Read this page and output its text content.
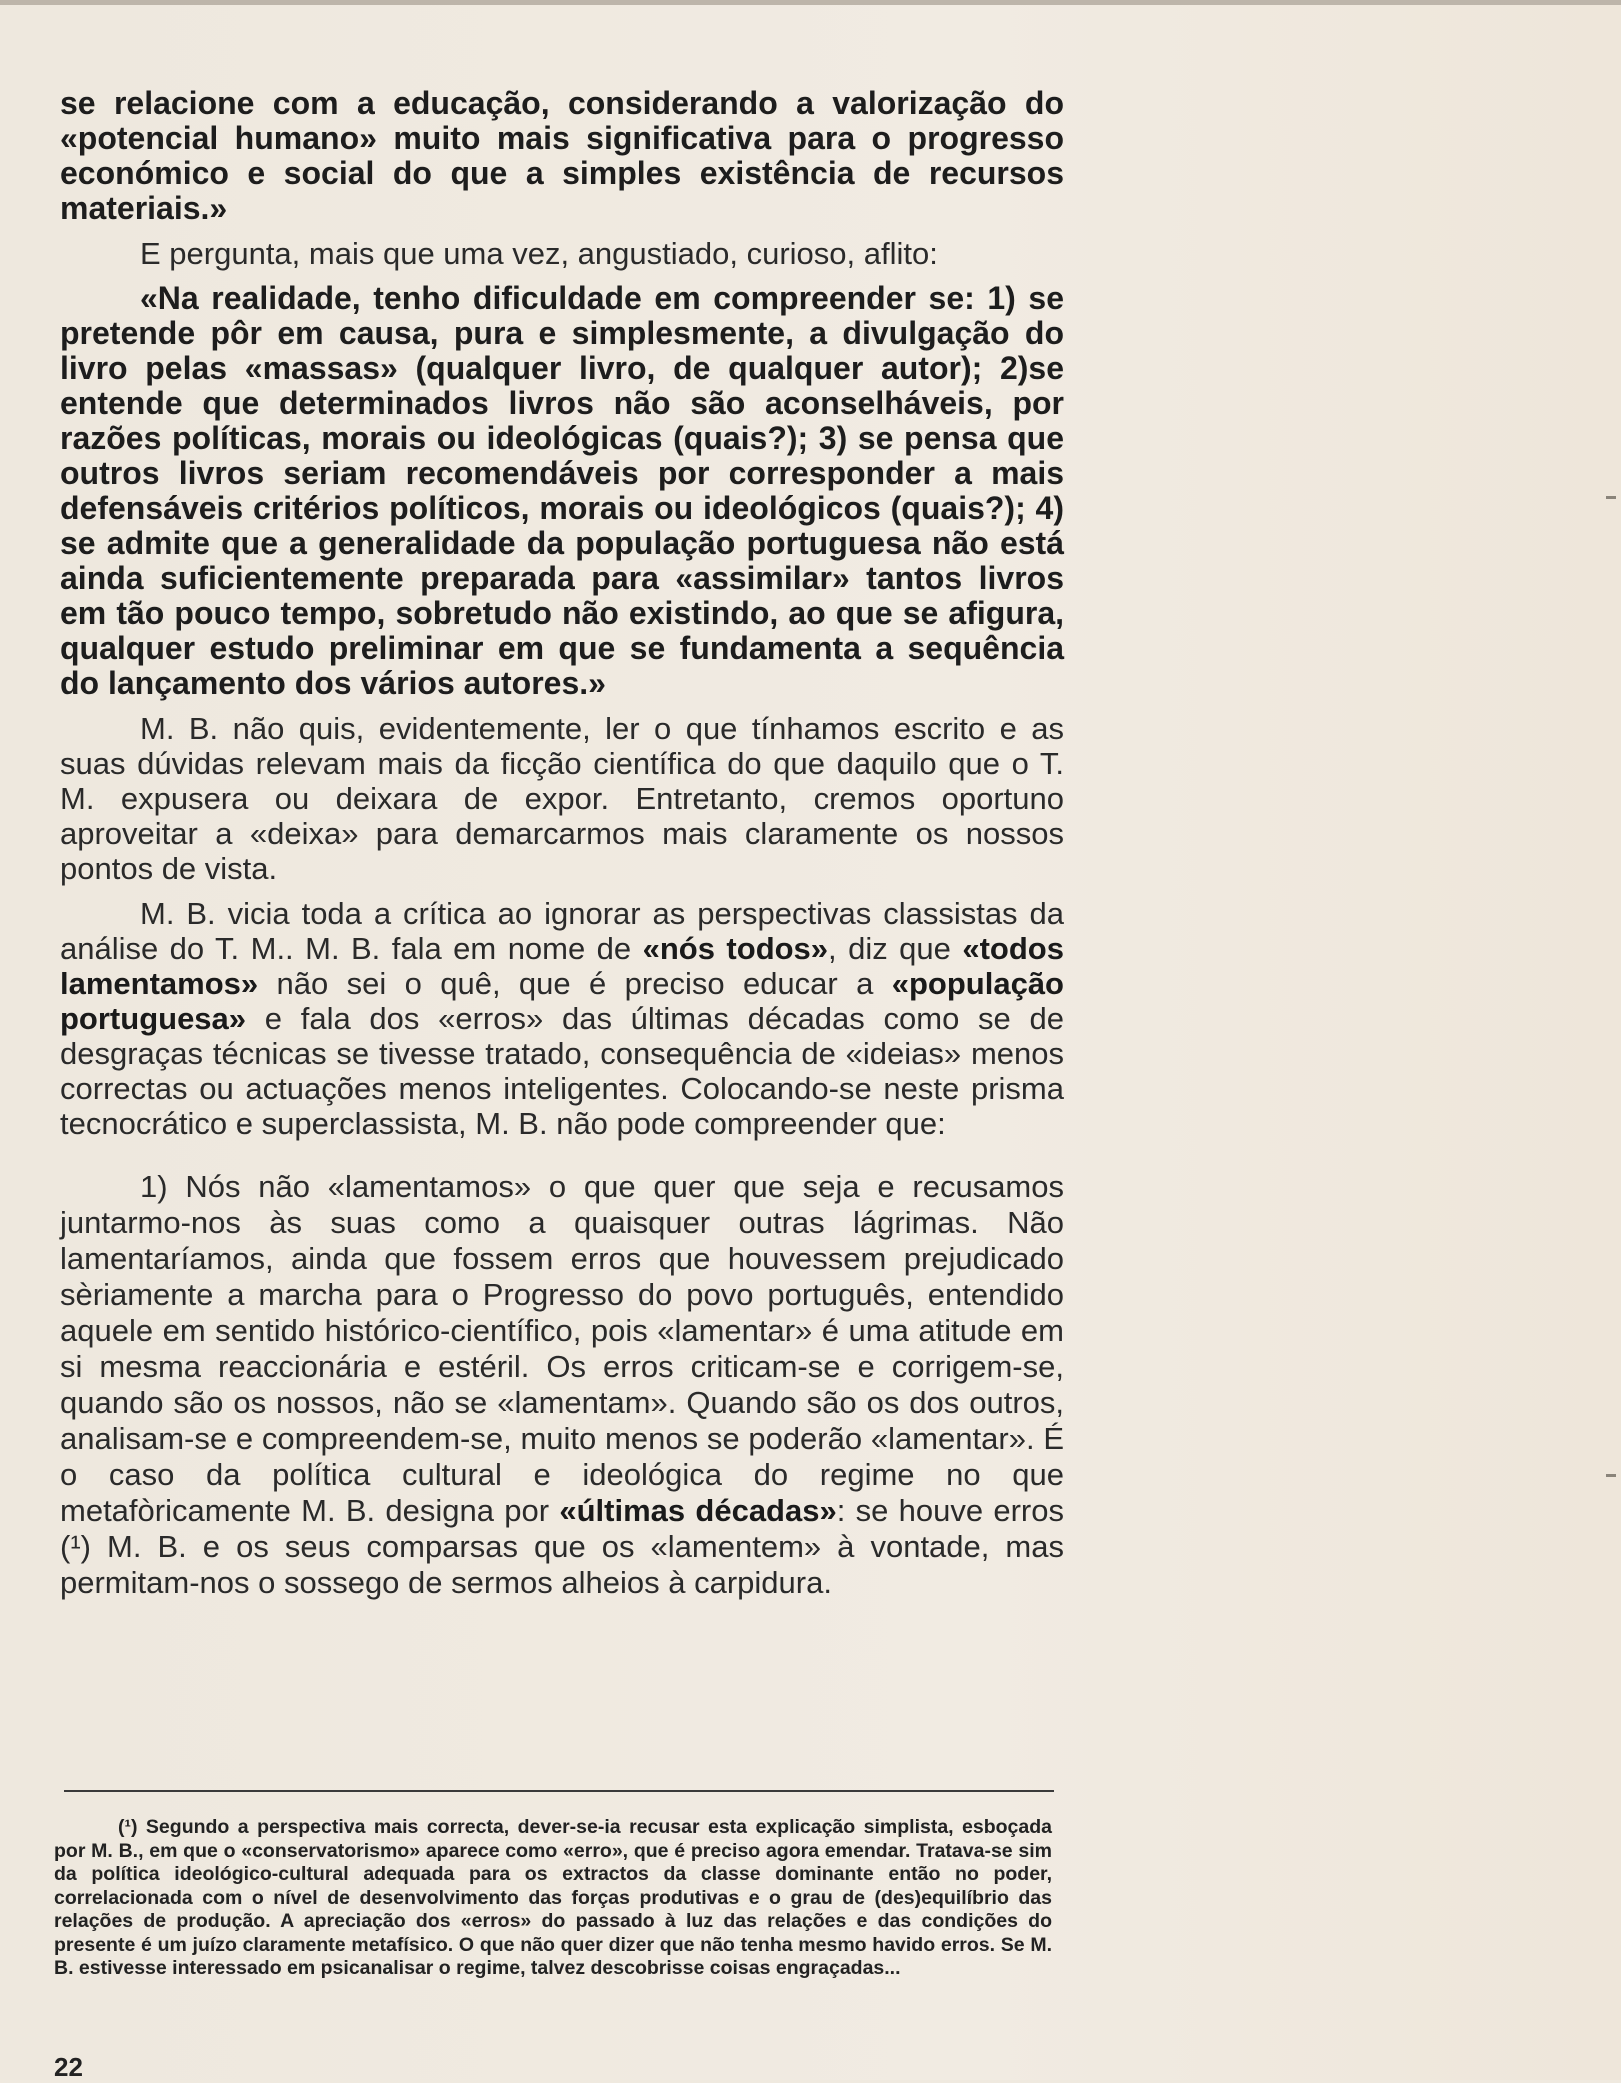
se relacione com a educação, considerando a valorização do «potencial humano» muito mais significativa para o progresso económico e social do que a simples existência de recursos materiais.»

E pergunta, mais que uma vez, angustiado, curioso, aflito:

«Na realidade, tenho dificuldade em compreender se: 1) se pretende pôr em causa, pura e simplesmente, a divulgação do livro pelas «massas» (qualquer livro, de qualquer autor); 2)se entende que determinados livros não são aconselháveis, por razões políticas, morais ou ideológicas (quais?); 3) se pensa que outros livros seriam recomendáveis por corresponder a mais defensáveis critérios políticos, morais ou ideológicos (quais?); 4) se admite que a generalidade da população portuguesa não está ainda suficientemente preparada para «assimilar» tantos livros em tão pouco tempo, sobretudo não existindo, ao que se afigura, qualquer estudo preliminar em que se fundamenta a sequência do lançamento dos vários autores.»

M. B. não quis, evidentemente, ler o que tínhamos escrito e as suas dúvidas relevam mais da ficção científica do que daquilo que o T. M. expusera ou deixara de expor. Entretanto, cremos oportuno aproveitar a «deixa» para demarcarmos mais claramente os nossos pontos de vista.

M. B. vicia toda a crítica ao ignorar as perspectivas classistas da análise do T. M.. M. B. fala em nome de «nós todos», diz que «todos lamentamos» não sei o quê, que é preciso educar a «população portuguesa» e fala dos «erros» das últimas décadas como se de desgraças técnicas se tivesse tratado, consequência de «ideias» menos correctas ou actuações menos inteligentes. Colocando-se neste prisma tecnocrático e superclassista, M. B. não pode compreender que:

1) Nós não «lamentamos» o que quer que seja e recusamos juntarmo-nos às suas como a quaisquer outras lágrimas. Não lamentaríamos, ainda que fossem erros que houvessem prejudicado sèriamente a marcha para o Progresso do povo português, entendido aquele em sentido histórico-científico, pois «lamentar» é uma atitude em si mesma reaccionária e estéril. Os erros criticam-se e corrigem-se, quando são os nossos, não se «lamentam». Quando são os dos outros, analisam-se e compreendem-se, muito menos se poderão «lamentar». É o caso da política cultural e ideológica do regime no que metafòricamente M. B. designa por «últimas décadas»: se houve erros (¹) M. B. e os seus comparsas que os «lamentem» à vontade, mas permitam-nos o sossego de sermos alheios à carpidura.

(¹) Segundo a perspectiva mais correcta, dever-se-ia recusar esta explicação simplista, esboçada por M. B., em que o «conservatorismo» aparece como «erro», que é preciso agora emendar. Tratava-se sim da política ideológico-cultural adequada para os extractos da classe dominante então no poder, correlacionada com o nível de desenvolvimento das forças produtivas e o grau de (des)equilíbrio das relações de produção. A apreciação dos «erros» do passado à luz das relações e das condições do presente é um juízo claramente metafísico. O que não quer dizer que não tenha mesmo havido erros. Se M. B. estivesse interessado em psicanalisar o regime, talvez descobrisse coisas engraçadas...

22
